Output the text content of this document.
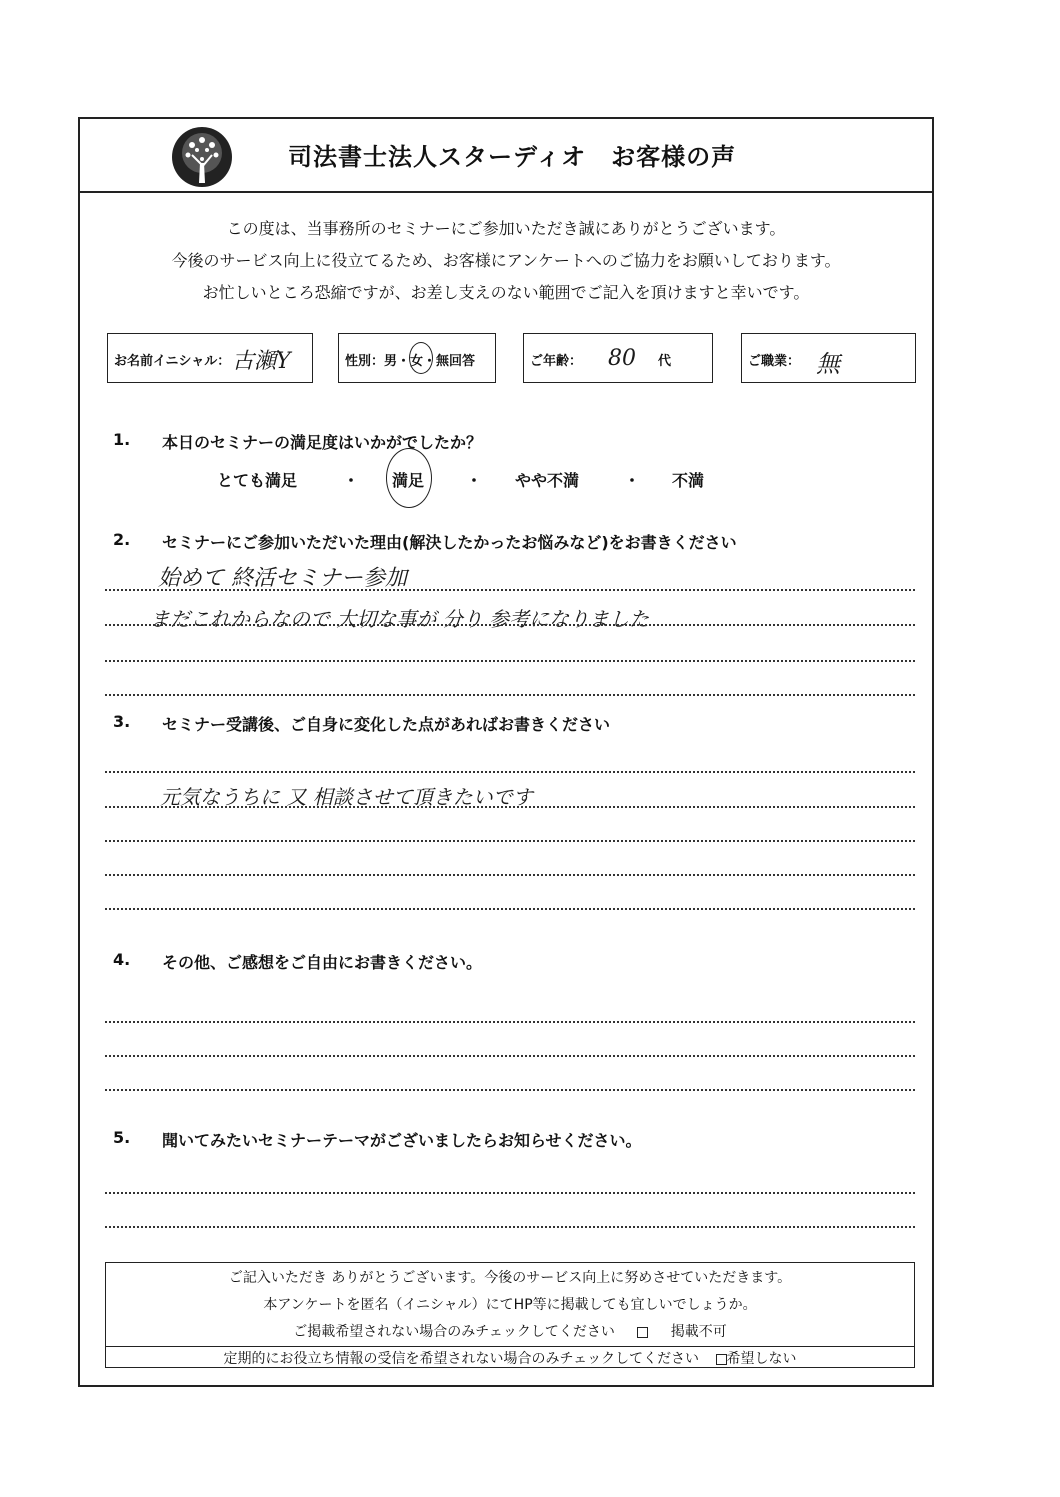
司法書士法人スターディオ　お客様の声
この度は、当事務所のセミナーにご参加いただき誠にありがとうございます。
今後のサービス向上に役立てるため、お客様にアンケートへのご協力をお願いしております。
お忙しいところ恐縮ですが、お差し支えのない範囲でご記入を頂けますと幸いです。
お名前イニシャル： 古瀬Y	性別：男・女・無回答	ご年齢： 80 代	ご職業： 無
1. 本日のセミナーの満足度はいかがでしたか？
とても満足	・ 満足	・ やや不満	・ 不満
2. セミナーにご参加いただいた理由(解決したかったお悩みなど)をお書きください
始めて 終活セミナー参加
まだこれからなので 大切な事が 分り 参考になりました
3. セミナー受講後、ご自身に変化した点があればお書きください
元気なうちに 又 相談させて頂きたいです
4. その他、ご感想をご自由にお書きください。
5. 聞いてみたいセミナーテーマがございましたらお知らせください。
ご記入いただき ありがとうございます。今後のサービス向上に努めさせていただきます。
本アンケートを匿名（イニシャル）にてHP等に掲載しても宜しいでしょうか。
ご掲載希望されない場合のみチェックしてください	掲載不可
定期的にお役立ち情報の受信を希望されない場合のみチェックしてください 希望しない
